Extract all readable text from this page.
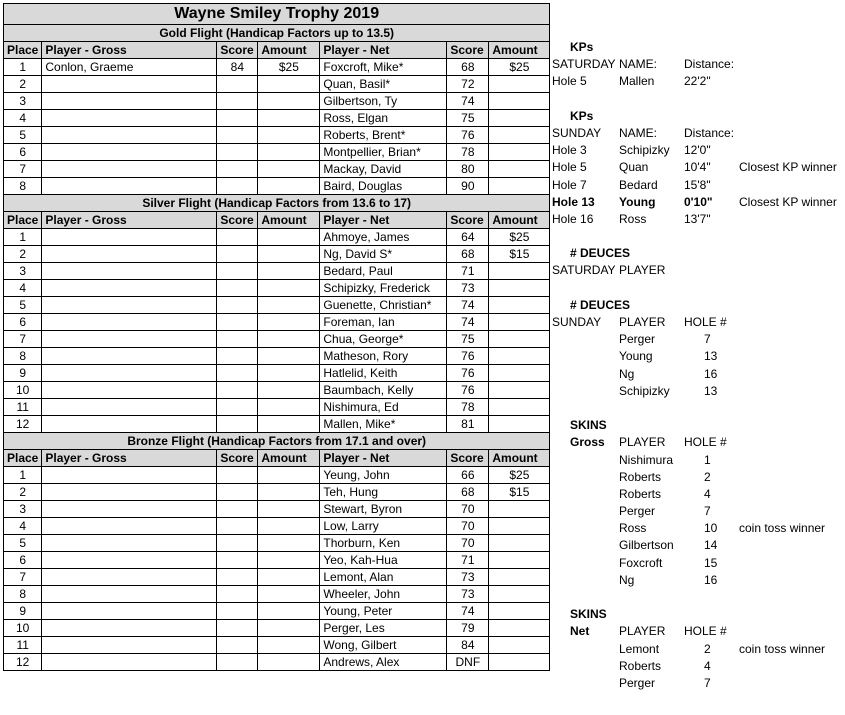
Wayne Smiley Trophy 2019						
Gold Flight (Handicap Factors up to 13.5)						
Place	Player - Gross	Score	Amount	Player - Net	Score	Amount
1	Conlon, Graeme	84	$25	Foxcroft, Mike*	68	$25
2				Quan, Basil*	72	
3				Gilbertson, Ty	74	
4				Ross, Elgan	75	
5				Roberts, Brent*	76	
6				Montpellier, Brian*	78	
7				Mackay, David	80	
8				Baird, Douglas	90	
Silver Flight (Handicap Factors from 13.6 to 17)						
Place	Player - Gross	Score	Amount	Player - Net	Score	Amount
1				Ahmoye, James	64	$25
2				Ng, David S*	68	$15
3				Bedard, Paul	71	
4				Schipizky, Frederick	73	
5				Guenette, Christian*	74	
6				Foreman, Ian	74	
7				Chua, George*	75	
8				Matheson, Rory	76	
9				Hatlelid, Keith	76	
10				Baumbach, Kelly	76	
11				Nishimura, Ed	78	
12				Mallen, Mike*	81	
Bronze Flight (Handicap Factors from 17.1 and over)						
Place	Player - Gross	Score	Amount	Player - Net	Score	Amount
1				Yeung, John	66	$25
2				Teh, Hung	68	$15
3				Stewart, Byron	70	
4				Low, Larry	70	
5				Thorburn, Ken	70	
6				Yeo, Kah-Hua	71	
7				Lemont, Alan	73	
8				Wheeler, John	73	
9				Young, Peter	74	
10				Perger, Les	79	
11				Wong, Gilbert	84	
12				Andrews, Alex	DNF	
KPs
SATURDAY NAME: Distance:
Hole 5	Mallen 22'2"
KPs
SUNDAY NAME: Distance:
Hole 3	Schipizky 12'0"
Hole 5	Quan	10'4" Closest KP winner
Hole 7	Bedard 15'8"
Hole 13 Young 0'10" Closest KP winner
Hole 16 Ross	13'7"
# DEUCES
SATURDAY PLAYER
# DEUCES
SUNDAY PLAYER HOLE #
Perger	7
Young	13
Ng	16
Schipizky	13
SKINS
Gross PLAYER HOLE #
Nishimura	1
Roberts	2
Roberts	4
Perger	7
Ross	10 coin toss winner
Gilbertson	14
Foxcroft	15
Ng	16
SKINS
Net PLAYER HOLE #
Lemont	2 coin toss winner
Roberts	4
Perger	7
